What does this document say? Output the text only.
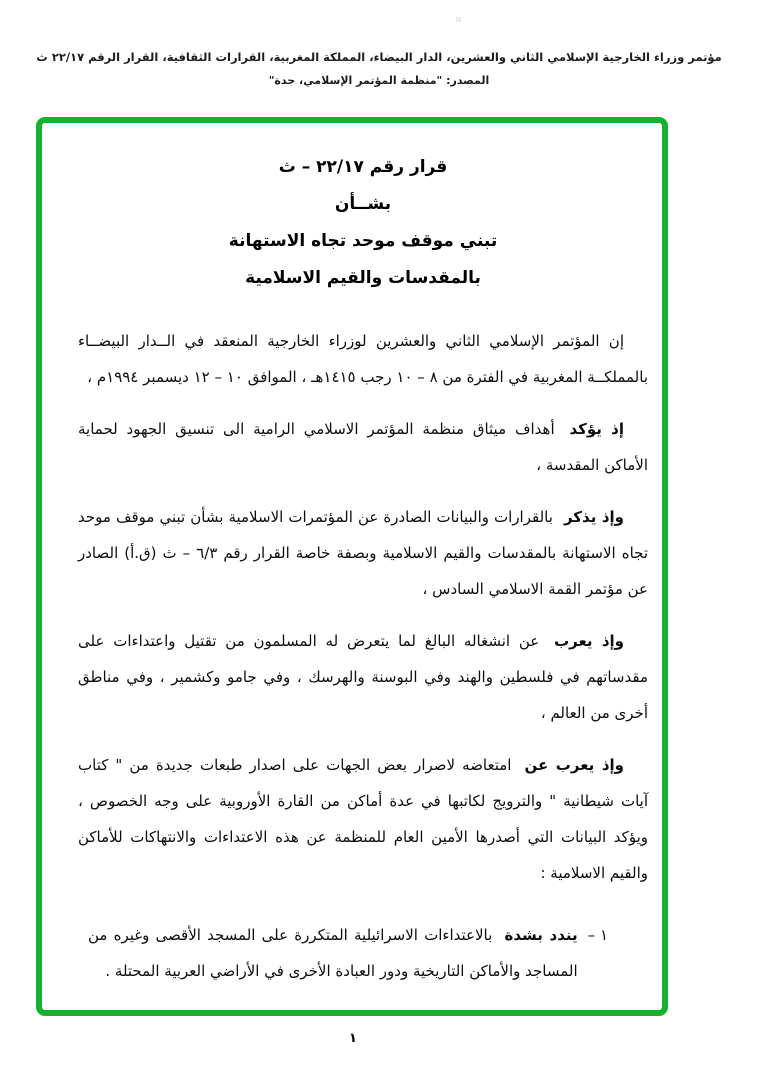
مؤتمر وزراء الخارجية الإسلامي الثاني والعشرين، الدار البيضاء، المملكة المغربية، القرارات الثقافية، القرار الرقم ٢٢/١٧ ث
المصدر: "منظمة المؤتمر الإسلامي، جدة"
قرار رقم ٢٢/١٧ – ث
بشــأن
تبني موقف موحد تجاه الاستهانة
بالمقدسات والقيم الاسلامية

إن المؤتمر الإسلامي الثاني والعشرين لوزراء الخارجية المنعقد في الــدار البيضــاء بالمملكــة المغربية في الفترة من ٨ – ١٠ رجب ١٤١٥هـ ، الموافق ١٠ – ١٢ ديسمبر ١٩٩٤م ،

إذ يؤكد أهداف ميثاق منظمة المؤتمر الاسلامي الرامية الى تنسيق الجهود لحماية الأماكن المقدسة ،

وإذ يذكر بالقرارات والبيانات الصادرة عن المؤتمرات الاسلامية بشأن تبني موقف موحد تجاه الاستهانة بالمقدسات والقيم الاسلامية وبصفة خاصة القرار رقم ٦/٣ – ث (ق.أ) الصادر عن مؤتمر القمة الاسلامي السادس ،

وإذ يعرب عن انشغاله البالغ لما يتعرض له المسلمون من تقتيل واعتداءات على مقدساتهم في فلسطين والهند وفي البوسنة والهرسك ، وفي جامو وكشمير ، وفي مناطق أخرى من العالم ،

وإذ يعرب عن امتعاضه لاصرار بعض الجهات على اصدار طبعات جديدة من " كتاب آيات شيطانية " والترويج لكاتبها في عدة أماكن من القارة الأوروبية على وجه الخصوص ، ويؤكد البيانات التي أصدرها الأمين العام للمنظمة عن هذه الاعتداءات والانتهاكات للأماكن والقيم الاسلامية :

١ –

يندد بشدة بالاعتداءات الاسرائيلية المتكررة على المسجد الأقصى وغيره من المساجد والأماكن التاريخية ودور العبادة الأخرى في الأراضي العربية المحتلة .

١
